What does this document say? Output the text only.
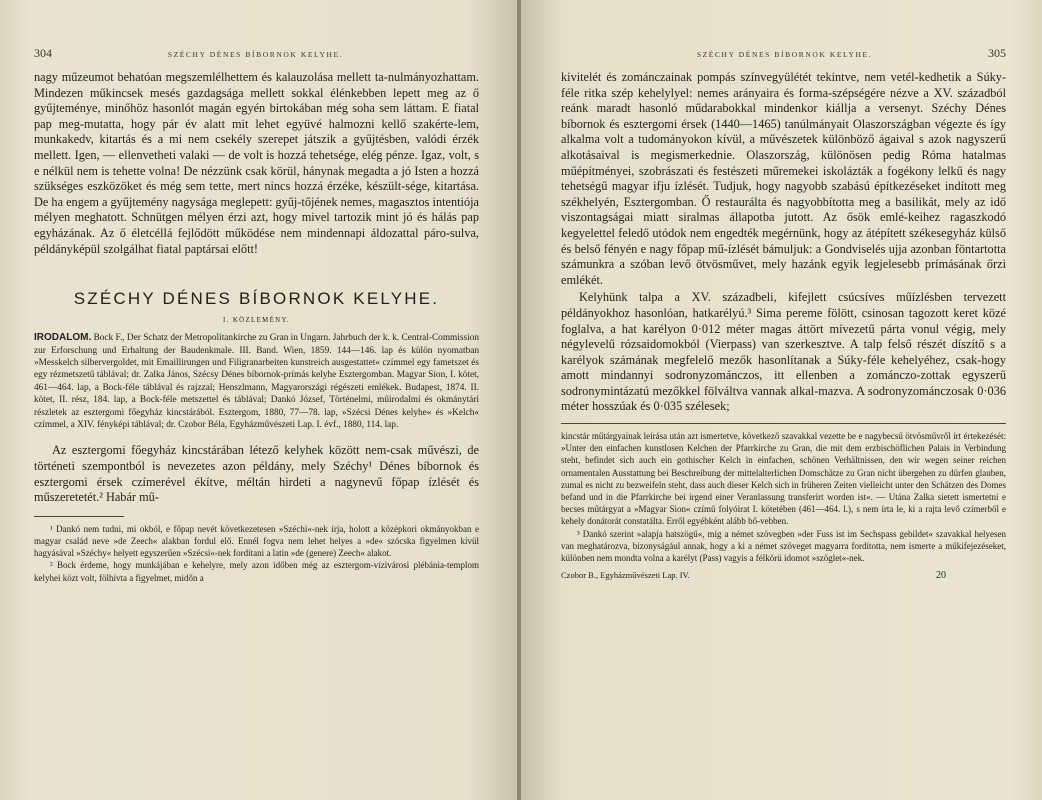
304	SZÉCHY DÉNES BÍBORNOK KELYHE.

nagy műzeumot behatóan megszemlélhettem és kalauzolása mellett ta-nulmányozhattam. Mindezen műkincsek mesés gazdagsága mellett sokkal élénkebben lepett meg az ő gyűjteménye, minőhöz hasonlót magán egyén birtokában még soha sem láttam. E fiatal pap meg-mutatta, hogy pár év alatt mit lehet együvé halmozni kellő szakérte-lem, munkakedv, kitartás és a mi nem csekély szerepet játszik a gyűjtésben, valódi érzék mellett. Igen, — ellenvetheti valaki — de volt is hozzá tehetsége, elég pénze. Igaz, volt, s e nélkül nem is tehette volna! De nézzünk csak körül, hánynak megadta a jó Isten a hozzá szükséges eszközöket és még sem tette, mert nincs hozzá érzéke, készült-sége, kitartása. De ha engem a gyűjtemény nagysága meglepett: gyűj-tőjének nemes, magasztos intentiója mélyen meghatott. Schnütgen mélyen érzi azt, hogy mivel tartozik mint jó és hálás pap egyházának. Az ő életcéllá fejlődött működése nem mindennapi áldozattal páro-sulva, példányképül szolgálhat fiatal paptársai előtt!

SZÉCHY DÉNES BÍBORNOK KELYHE.
I. KÖZLEMÉNY.

IRODALOM. Bock F., Der Schatz der Metropolitankirche zu Gran in Ungarn. Jahrbuch der k. k. Central-Commission zur Erforschung und Erhaltung der Baudenkmale. III. Band. Wien, 1859. 144—146. lap és külön nyomatban »Messkelch silbervergoldet, mit Emaillirungen und Filigranarbeiten kunstreich ausgestattet« czímmel egy fametszet és egy rézmetszetű táblával; dr. Zalka János, Szécsy Dénes bíbornok-prímás kelyhe Esztergomban. Magyar Sion, I. kötet, 461—464. lap, a Bock-féle táblával és rajzzal; Henszlmann, Magyarországi régészeti emlékek. Budapest, 1874. II. kötet, II. rész, 184. lap, a Bock-féle metszettel és táblával; Dankó József, Történelmi, műirodalmi és okmánytári részletek az esztergomi főegyház kincstárából. Esztergom, 1880, 77—78. lap, »Szécsi Dénes kelyhe« és »Kelch« czímmel, a XIV. fényképi táblával; dr. Czobor Béla, Egyházművészeti Lap. I. évf., 1880, 114. lap.

Az esztergomi főegyház kincstárában létező kelyhek között nem-csak művészi, de történeti szempontból is nevezetes azon példány, mely Széchy¹ Dénes bíbornok és esztergomi érsek czímerével ékítve, méltán hirdeti a nagynevű főpap ízlését és műszeretetét.² Habár mű-

¹ Dankó nem tudni, mi okból, e főpap nevét következetesen »Széchi«-nek írja, holott a középkori okmányokban e magyar család neve »de Zeech« alakban fordul elő. Ennél fogva nem lehet helyes a »de« szócska figyelmen kívül hagyásával »Széchy« helyett egyszerűen »Szécsi«-nek fordítani a latin »de (genere) Zeech« alakot.

² Bock érdeme, hogy munkájában e kehelyre, mely azon időben még az esztergom-vízivárosi plébánia-templom kelyhei közt volt, fölhívta a figyelmet, midőn a

SZÉCHY DÉNES BÍBORNOK KELYHE.	305

kivitelét és zománczainak pompás színvegyülétét tekintve, nem vetél-kedhetik a Súky-féle ritka szép kehelylyel: nemes arányaira és forma-szépségére nézve a XV. századból reánk maradt hasonló műdarabokkal mindenkor kiállja a versenyt. Széchy Dénes bíbornok és esztergomi érsek (1440—1465) tanúlmányait Olaszországban végezte és így alkalma volt a tudományokon kívül, a művészetek különböző ágaival s azok nagyszerű alkotásaival is megismerkednie. Olaszország, különösen pedig Róma hatalmas műépítményei, szobrászati és festészeti műremekei iskolázták a fogékony lelkű és nagy tehetségű magyar ifju ízlését. Tudjuk, hogy nagyobb szabású építkezéseket indított meg székhelyén, Esztergomban. Ő restaurálta és nagyobbította meg a basilikát, mely az idő viszontagságai miatt siralmas állapotba jutott. Az ősök emlé-keihez ragaszkodó kegyelettel feledő utódok nem engedték megérnünk, hogy az átépített székesegyház külső és belső fényén e nagy főpap mű-ízlését bámuljuk: a Gondviselés ujja azonban föntartotta számunkra a szóban levő ötvösművet, mely hazánk egyik legjelesebb prímásának őrzi emlékét.

Kelyhünk talpa a XV. századbeli, kifejlett csúcsíves műízlésben tervezett példányokhoz hasonlóan, hatkarélyú.³ Sima pereme fölött, csinosan tagozott keret közé foglalva, a hat karélyon 0·012 méter magas áttört mívezetű párta vonul végig, mely négylevelű rózsaidomokból (Vierpass) van szerkesztve. A talp felső részét díszítő s a karélyok számának megfelelő mezők hasonlítanak a Súky-féle kehelyéhez, csak-hogy amott mindannyi sodronyzománczos, itt ellenben a zománczo-zottak egyszerű sodronymintázatú mezőkkel fölváltva vannak alkal-mazva. A sodronyzománczosak 0·036 méter hosszúak és 0·035 szélesek;

kincstár műtárgyainak leírása után azt ismertetve, következő szavakkal vezette be e nagybecsű ötvösművről írt értekezését: »Unter den einfachen kunstlosen Kelchen der Pfarrkirche zu Gran, die mit dem erzbischöflichen Palais in Verbindung steht, befindet sich auch ein gothischer Kelch in einfachen, schönen Verhältnissen, den wir wegen seiner reichen ornamentalen Ausstattung bei Beschreibung der mittelalterlichen Domschätze zu Gran nicht übergehen zu dürfen glauben, zumal es nicht zu bezweifeln steht, dass auch dieser Kelch sich in früheren Zeiten vielleicht unter den Schätzen des Domes befand und in die Pfarrkirche bei irgend einer Veranlassung transferirt worden ist«. — Utána Zalka sietett ismertetni e becses műtárgyat a »Magyar Sion« czímű folyóirat I. kötetében (461—464. l.), s nem írta le, ki a rajta levő czímerből e kehely donátorát constatálta. Erről egyébként alább bő-vebben.

³ Dankó szerint »alapja hatszögű«, míg a német szövegben »der Fuss ist im Sechspass gebildet« szavakkal helyesen van meghatározva, bizonyságául annak, hogy a ki a német szöveget magyarra fordította, nem ismerte a műkifejezéseket, különben nem mondta volna a karélyt (Pass) vagyis a félkörü idomot »szöglet«-nek.

Czobor B., Egyházművészeti Lap. IV.	20
